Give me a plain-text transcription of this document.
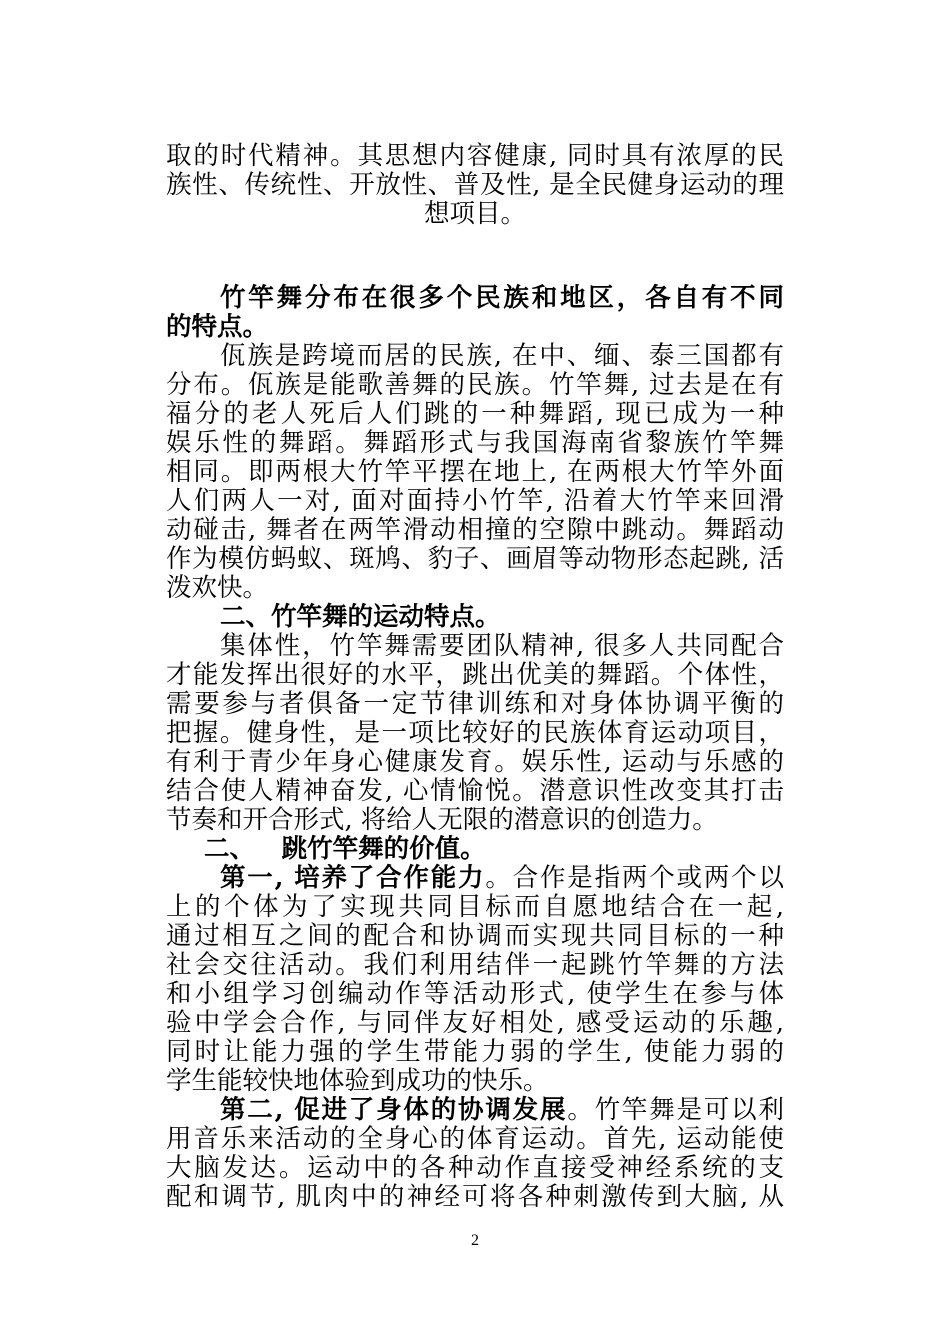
取的时代精神。其思想内容健康, 同时具有浓厚的民
族性、传统性、开放性、普及性, 是全民健身运动的理
想项目。
竹竿舞分布在很多个民族和地区，各自有不同
的特点。
佤族是跨境而居的民族, 在中、缅、泰三国都有
分布。佤族是能歌善舞的民族。竹竿舞, 过去是在有
福分的老人死后人们跳的一种舞蹈, 现已成为一种
娱乐性的舞蹈。舞蹈形式与我国海南省黎族竹竿舞
相同。即两根大竹竿平摆在地上, 在两根大竹竿外面
人们两人一对, 面对面持小竹竿, 沿着大竹竿来回滑
动碰击, 舞者在两竿滑动相撞的空隙中跳动。舞蹈动
作为模仿蚂蚁、斑鸠、豹子、画眉等动物形态起跳, 活
泼欢快。
二、竹竿舞的运动特点。
集体性，竹竿舞需要团队精神, 很多人共同配合
才能发挥出很好的水平，跳出优美的舞蹈。个体性，
需要参与者俱备一定节律训练和对身体协调平衡的
把握。健身性，是一项比较好的民族体育运动项目，
有利于青少年身心健康发育。娱乐性, 运动与乐感的
结合使人精神奋发, 心情愉悦。潜意识性改变其打击
节奏和开合形式, 将给人无限的潜意识的创造力。
二、   跳竹竿舞的价值。
第一, 培养了合作能力。合作是指两个或两个以
上的个体为了实现共同目标而自愿地结合在一起,
通过相互之间的配合和协调而实现共同目标的一种
社会交往活动。我们利用结伴一起跳竹竿舞的方法
和小组学习创编动作等活动形式, 使学生在参与体
验中学会合作, 与同伴友好相处, 感受运动的乐趣,
同时让能力强的学生带能力弱的学生, 使能力弱的
学生能较快地体验到成功的快乐。
第二, 促进了身体的协调发展。竹竿舞是可以利
用音乐来活动的全身心的体育运动。首先, 运动能使
大脑发达。运动中的各种动作直接受神经系统的支
配和调节, 肌肉中的神经可将各种刺激传到大脑, 从
2
